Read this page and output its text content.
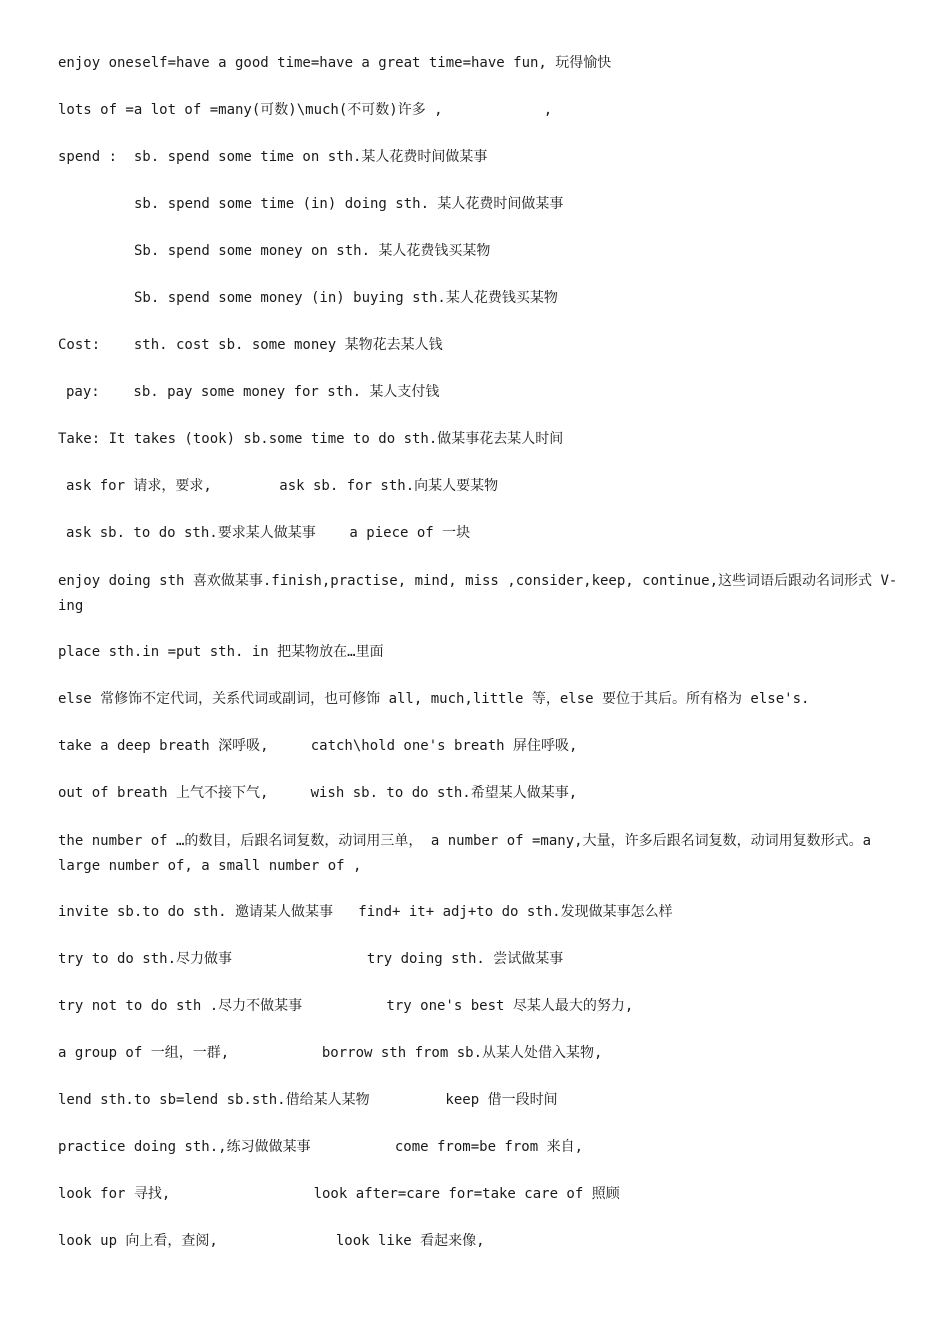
enjoy oneself=have a good time=have a great time=have fun, 玩得愉快
lots of =a lot of =many(可数)\much(不可数)许多 ,            ,
spend :  sb. spend some time on sth.某人花费时间做某事
sb. spend some time (in) doing sth. 某人花费时间做某事
Sb. spend some money on sth. 某人花费钱买某物
Sb. spend some money (in) buying sth.某人花费钱买某物
Cost:    sth. cost sb. some money 某物花去某人钱
pay:    sb. pay some money for sth. 某人支付钱
Take: It takes (took) sb.some time to do sth.做某事花去某人时间
ask for 请求，要求,        ask sb. for sth.向某人要某物
ask sb. to do sth.要求某人做某事    a piece of 一块
enjoy doing sth 喜欢做某事.finish,practise, mind, miss ,consider,keep, continue,这些词语后跟动名词形式 V-ing
place sth.in =put sth. in 把某物放在…里面
else 常修饰不定代词，关系代词或副词，也可修饰 all, much,little 等，else 要位于其后。所有格为 else's.
take a deep breath 深呼吸,     catch\hold one's breath 屏住呼吸,
out of breath 上气不接下气,     wish sb. to do sth.希望某人做某事,
the number of …的数目，后跟名词复数，动词用三单， a number of =many,大量，许多后跟名词复数，动词用复数形式。a large number of, a small number of ,
invite sb.to do sth. 邀请某人做某事   find+ it+ adj+to do sth.发现做某事怎么样
try to do sth.尽力做事                try doing sth. 尝试做某事
try not to do sth .尽力不做某事          try one's best 尽某人最大的努力,
a group of 一组，一群,           borrow sth from sb.从某人处借入某物,
lend sth.to sb=lend sb.sth.借给某人某物         keep 借一段时间
practice doing sth.,练习做做某事          come from=be from 来自,
look for 寻找,                 look after=care for=take care of 照顾
look up 向上看，查阅,              look like 看起来像,
